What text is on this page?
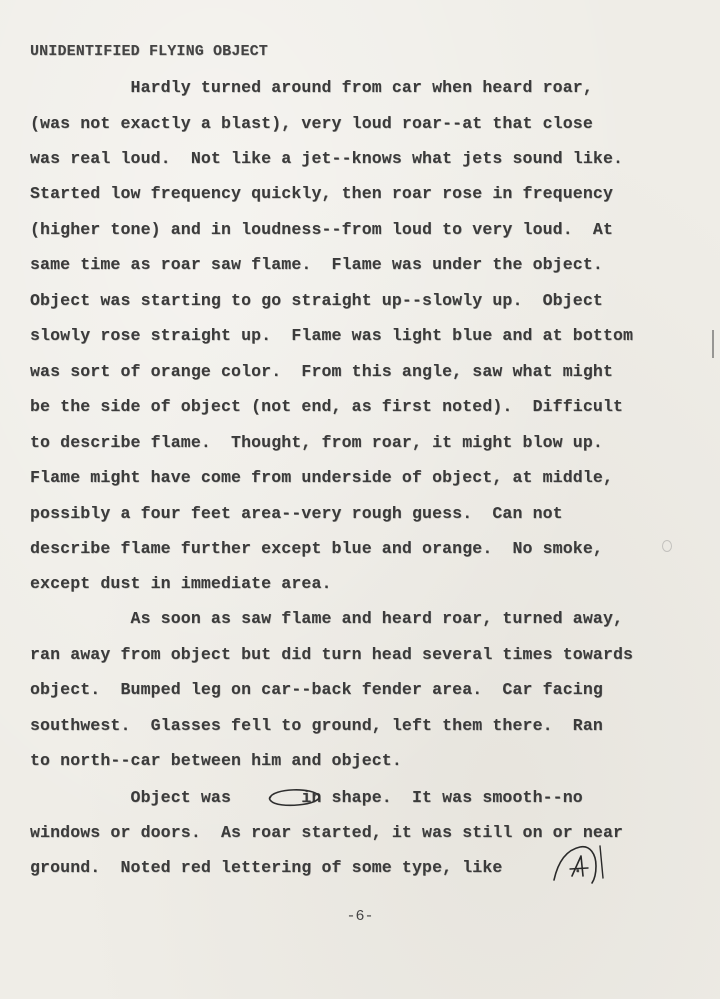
UNIDENTIFIED FLYING OBJECT

Hardly turned around from car when heard roar,

(was not exactly a blast), very loud roar--at that close

was real loud.  Not like a jet--knows what jets sound like.

Started low frequency quickly, then roar rose in frequency

(higher tone) and in loudness--from loud to very loud.  At

same time as roar saw flame.  Flame was under the object.

Object was starting to go straight up--slowly up.  Object

slowly rose straight up.  Flame was light blue and at bottom

was sort of orange color.  From this angle, saw what might

be the side of object (not end, as first noted).  Difficult

to describe flame.  Thought, from roar, it might blow up.

Flame might have come from underside of object, at middle,

possibly a four feet area--very rough guess.  Can not

describe flame further except blue and orange.  No smoke,

except dust in immediate area.

As soon as saw flame and heard roar, turned away,

ran away from object but did turn head several times towards

object.  Bumped leg on car--back fender area.  Car facing

southwest.  Glasses fell to ground, left them there.  Ran

to north--car between him and object.

Object was       in shape.  It was smooth--no

windows or doors.  As roar started, it was still on or near

ground.  Noted red lettering of some type, like       .

-6-
